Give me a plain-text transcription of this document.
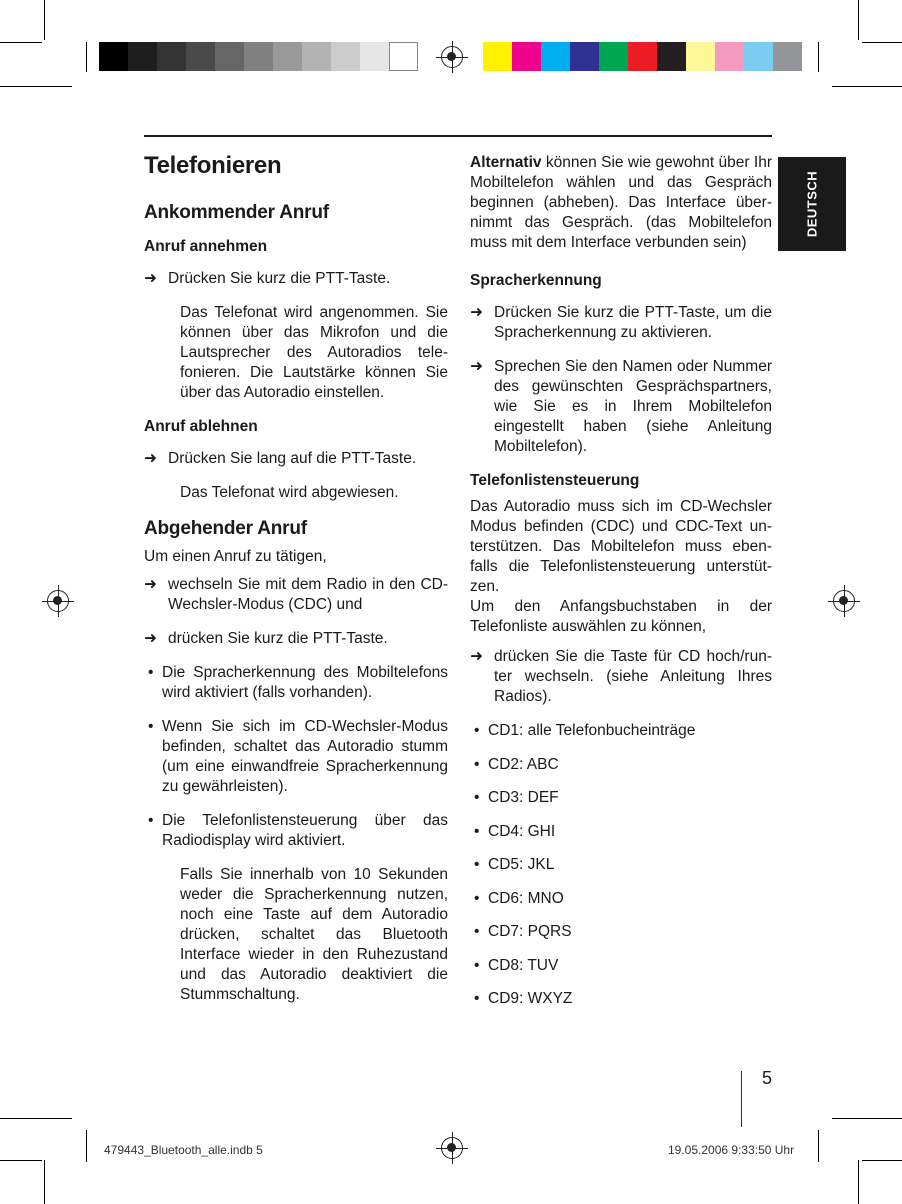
DEUTSCH
Telefonieren
Ankommender Anruf
Anruf annehmen
➜ Drücken Sie kurz die PTT-Taste.
Das Telefonat wird angenommen. Sie können über das Mikrofon und die Lautsprecher des Autoradios tele-fonieren. Die Lautstärke können Sie über das Autoradio einstellen.
Anruf ablehnen
➜ Drücken Sie lang auf die PTT-Taste.
Das Telefonat wird abgewiesen.
Abgehender Anruf

Um einen Anruf zu tätigen,

➜ wechseln Sie mit dem Radio in den CD-Wechsler-Modus (CDC) und
➜ drücken Sie kurz die PTT-Taste.
• Die Spracherkennung des Mobiltelefons wird aktiviert (falls vorhanden).
• Wenn Sie sich im CD-Wechsler-Modus befinden, schaltet das Autoradio stumm (um eine einwandfreie Spracherkennung zu gewährleisten).
• Die Telefonlistensteuerung über das Radiodisplay wird aktiviert.
Falls Sie innerhalb von 10 Sekunden weder die Spracherkennung nutzen, noch eine Taste auf dem Autoradio drücken, schaltet das Bluetooth Interface wieder in den Ruhezustand und das Autoradio deaktiviert die Stummschaltung.

Alternativ können Sie wie gewohnt über Ihr Mobiltelefon wählen und das Gespräch beginnen (abheben). Das Interface über-nimmt das Gespräch. (das Mobiltelefon muss mit dem Interface verbunden sein)

Spracherkennung
➜ Drücken Sie kurz die PTT-Taste, um die Spracherkennung zu aktivieren.
➜ Sprechen Sie den Namen oder Nummer des gewünschten Gesprächspartners, wie Sie es in Ihrem Mobiltelefon eingestellt haben (siehe Anleitung Mobiltelefon).
Telefonlistensteuerung

Das Autoradio muss sich im CD-Wechsler Modus befinden (CDC) und CDC-Text un-terstützen. Das Mobiltelefon muss eben-falls die Telefonlistensteuerung unterstüt-zen.

Um den Anfangsbuchstaben in der Telefonliste auswählen zu können,

➜ drücken Sie die Taste für CD hoch/run-ter wechseln. (siehe Anleitung Ihres Radios).
• CD1: alle Telefonbucheinträge
• CD2: ABC
• CD3: DEF
• CD4: GHI
• CD5: JKL
• CD6: MNO
• CD7: PQRS
• CD8: TUV
• CD9: WXYZ
5
479443_Bluetooth_alle.indb 5	19.05.2006 9:33:50 Uhr
